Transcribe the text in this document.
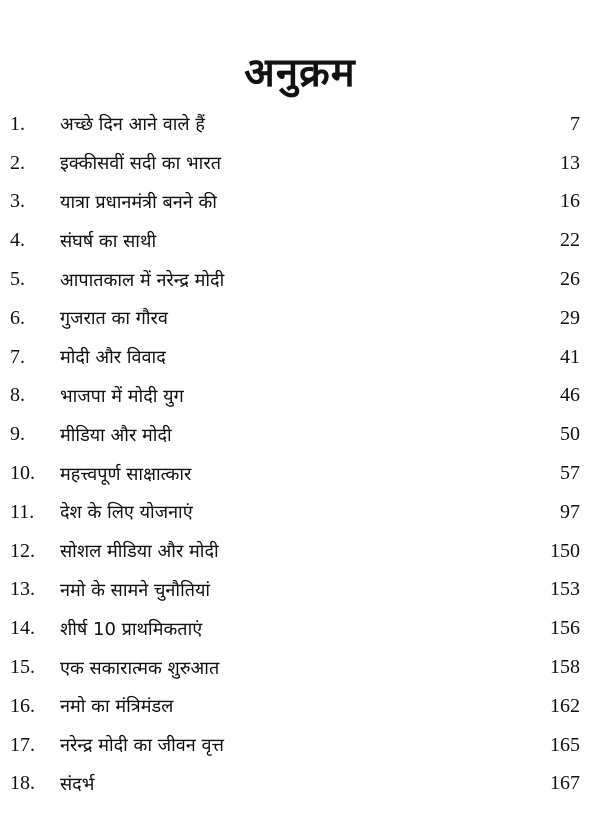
अनुक्रम
1.	अच्छे दिन आने वाले हैं	7
2.	इक्कीसवीं सदी का भारत	13
3.	यात्रा प्रधानमंत्री बनने की	16
4.	संघर्ष का साथी	22
5.	आपातकाल में नरेन्द्र मोदी	26
6.	गुजरात का गौरव	29
7.	मोदी और विवाद	41
8.	भाजपा में मोदी युग	46
9.	मीडिया और मोदी	50
10.	महत्त्वपूर्ण साक्षात्कार	57
11.	देश के लिए योजनाएं	97
12.	सोशल मीडिया और मोदी	150
13.	नमो के सामने चुनौतियां	153
14.	शीर्ष 10 प्राथमिकताएं	156
15.	एक सकारात्मक शुरुआत	158
16.	नमो का मंत्रिमंडल	162
17.	नरेन्द्र मोदी का जीवन वृत्त	165
18.	संदर्भ	167
